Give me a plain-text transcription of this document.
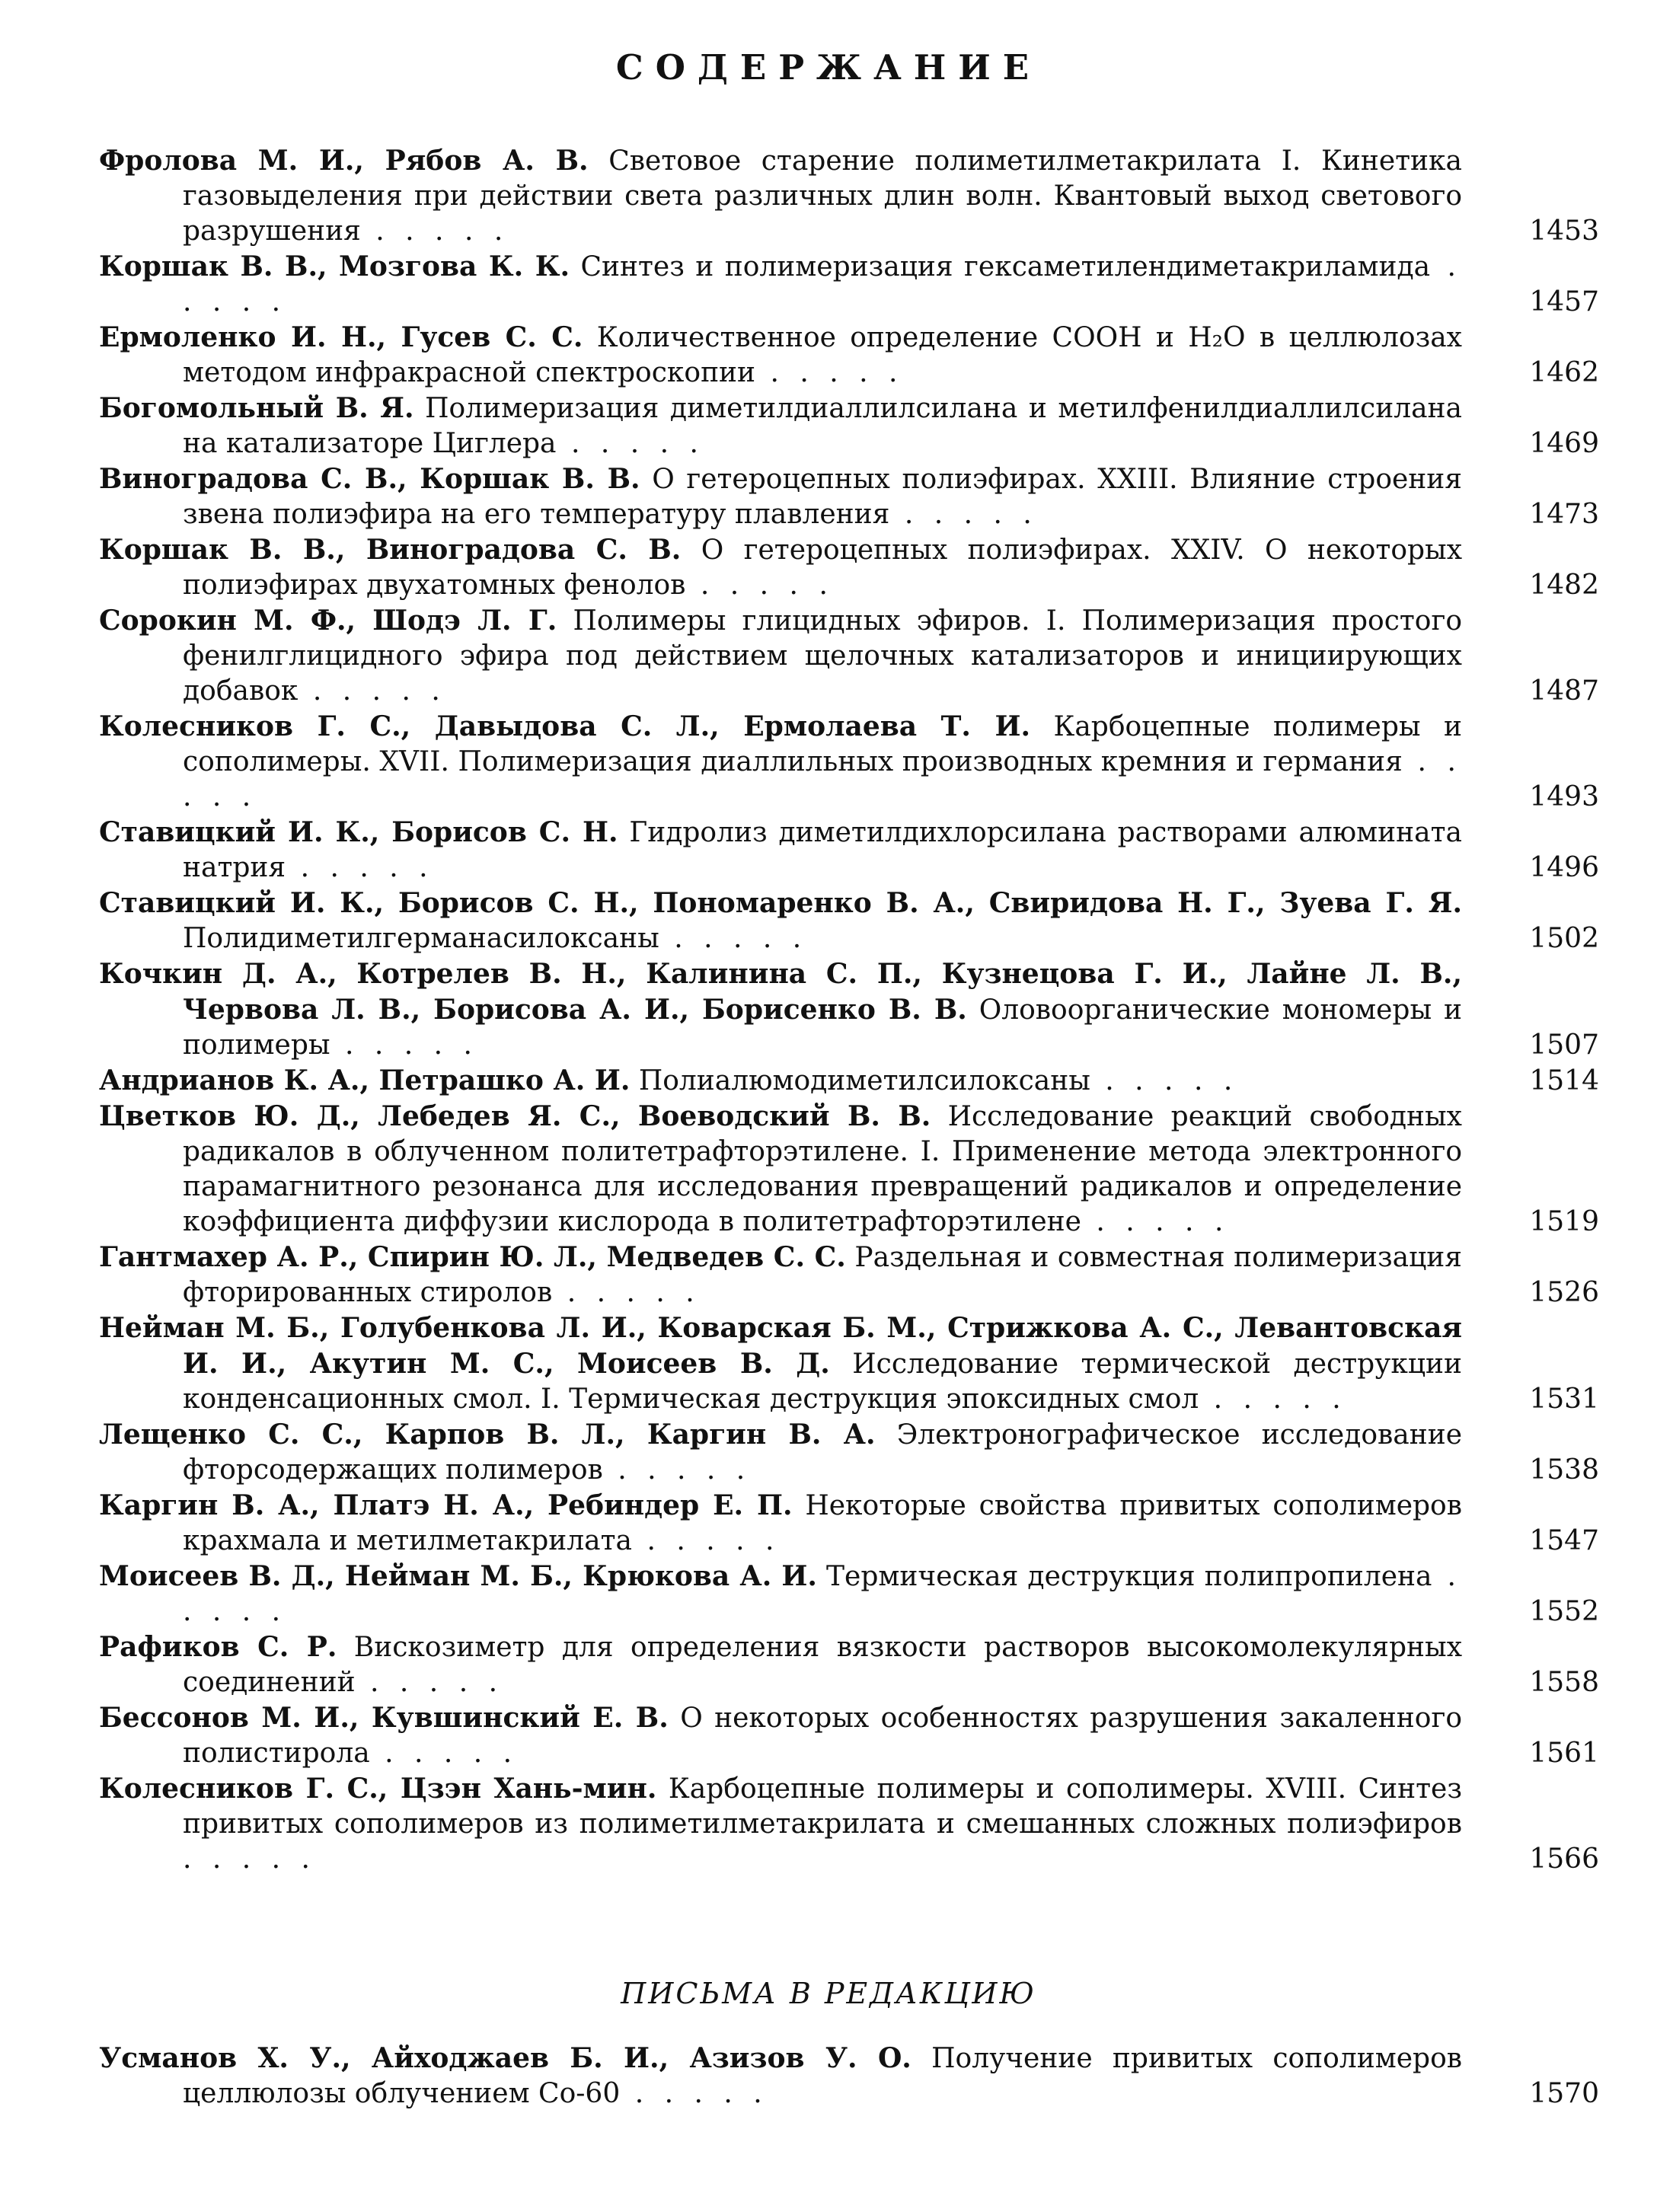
СОДЕРЖАНИЕ

Фролова М. И., Рябов А. В. Световое старение полиметилметакрилата I. Кинетика газовыделения при действии света различных длин волн. Квантовый выход светового разрушения . . . . .	1453

Коршак В. В., Мозгова К. К. Синтез и полимеризация гексаметилендиметакриламида . . . . .	1457

Ермоленко И. Н., Гусев С. С. Количественное определение СООН и H₂O в целлюлозах методом инфракрасной спектроскопии . . . . .	1462

Богомольный В. Я. Полимеризация диметилдиаллилсилана и метилфенилдиаллилсилана на катализаторе Циглера . . . . .	1469

Виноградова С. В., Коршак В. В. О гетероцепных полиэфирах. XXIII. Влияние строения звена полиэфира на его температуру плавления . . . . .	1473

Коршак В. В., Виноградова С. В. О гетероцепных полиэфирах. XXIV. О некоторых полиэфирах двухатомных фенолов . . . . .	1482

Сорокин М. Ф., Шодэ Л. Г. Полимеры глицидных эфиров. I. Полимеризация простого фенилглицидного эфира под действием щелочных катализаторов и инициирующих добавок . . . . .	1487

Колесников Г. С., Давыдова С. Л., Ермолаева Т. И. Карбоцепные полимеры и сополимеры. XVII. Полимеризация диаллильных производных кремния и германия . . . . .	1493

Ставицкий И. К., Борисов С. Н. Гидролиз диметилдихлорсилана растворами алюмината натрия . . . . .	1496

Ставицкий И. К., Борисов С. Н., Пономаренко В. А., Свиридова Н. Г., Зуева Г. Я. Полидиметилгерманасилоксаны . . . . .	1502

Кочкин Д. А., Котрелев В. Н., Калинина С. П., Кузнецова Г. И., Лайне Л. В., Червова Л. В., Борисова А. И., Борисенко В. В. Оловоорганические мономеры и полимеры . . . . .	1507

Андрианов К. А., Петрашко А. И. Полиалюмодиметилсилоксаны . . . . .	1514

Цветков Ю. Д., Лебедев Я. С., Воеводский В. В. Исследование реакций свободных радикалов в облученном политетрафторэтилене. I. Применение метода электронного парамагнитного резонанса для исследования превращений радикалов и определение коэффициента диффузии кислорода в политетрафторэтилене . . . . .	1519

Гантмахер А. Р., Спирин Ю. Л., Медведев С. С. Раздельная и совместная полимеризация фторированных стиролов . . . . .	1526

Нейман М. Б., Голубенкова Л. И., Коварская Б. М., Стрижкова А. С., Левантовская И. И., Акутин М. С., Моисеев В. Д. Исследование термической деструкции конденсационных смол. I. Термическая деструкция эпоксидных смол . . . . .	1531

Лещенко С. С., Карпов В. Л., Каргин В. А. Электронографическое исследование фторсодержащих полимеров . . . . .	1538

Каргин В. А., Платэ Н. А., Ребиндер Е. П. Некоторые свойства привитых сополимеров крахмала и метилметакрилата . . . . .	1547

Моисеев В. Д., Нейман М. Б., Крюкова А. И. Термическая деструкция полипропилена . . . . .	1552

Рафиков С. Р. Вискозиметр для определения вязкости растворов высокомолекулярных соединений . . . . .	1558

Бессонов М. И., Кувшинский Е. В. О некоторых особенностях разрушения закаленного полистирола . . . . .	1561

Колесников Г. С., Цзэн Хань-мин. Карбоцепные полимеры и сополимеры. XVIII. Синтез привитых сополимеров из полиметилметакрилата и смешанных сложных полиэфиров . . . . .	1566

ПИСЬМА В РЕДАКЦИЮ

Усманов Х. У., Айходжаев Б. И., Азизов У. О. Получение привитых сополимеров целлюлозы облучением Со-60 . . . . .	1570
